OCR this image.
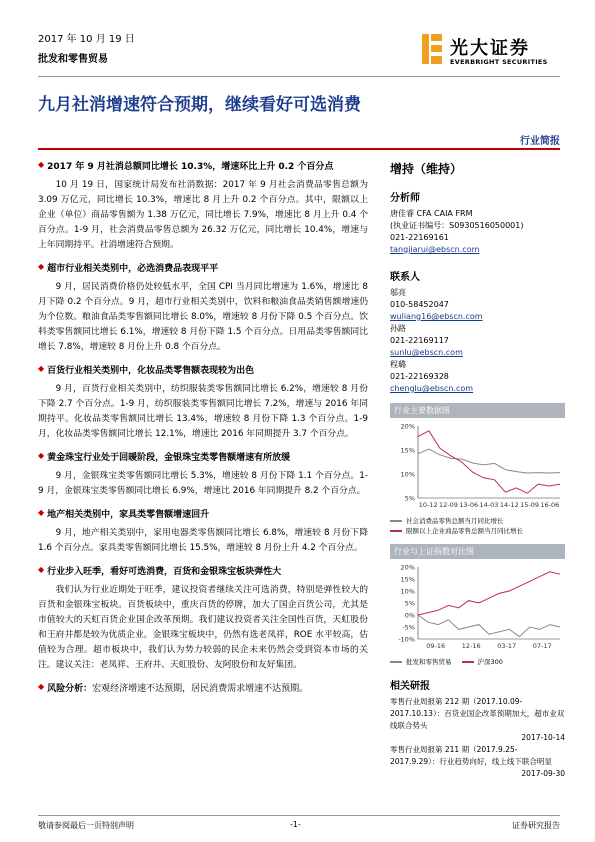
2017 年 10 月 19 日
批发和零售贸易
光大证券
EVERBRIGHT SECURITIES
九月社消增速符合预期，继续看好可选消费
行业简报
◆ 2017 年 9 月社消总额同比增长 10.3%，增速环比上升 0.2 个百分点

10 月 19 日，国家统计局发布社消数据：2017 年 9 月社会消费品零售总额为 3.09 万亿元，同比增长 10.3%，增速比 8 月上升 0.2 个百分点。其中，限额以上企业（单位）商品零售额为 1.38 万亿元，同比增长 7.9%，增速比 8 月上升 0.4 个百分点。1-9 月，社会消费品零售总额为 26.32 万亿元，同比增长 10.4%，增速与上年同期持平。社消增速符合预期。

◆ 超市行业相关类别中，必选消费品表现平平

9 月，居民消费价格仍处较低水平，全国 CPI 当月同比增速为 1.6%，增速比 8 月下降 0.2 个百分点。9 月，超市行业相关类别中，饮料和粮油食品类销售额增速仍为个位数。粮油食品类零售额同比增长 8.0%，增速较 8 月份下降 0.5 个百分点。饮料类零售额同比增长 6.1%，增速较 8 月份下降 1.5 个百分点。日用品类零售额同比增长 7.8%，增速较 8 月份上升 0.8 个百分点。

◆ 百货行业相关类别中，化妆品类零售额表现较为出色

9 月，百货行业相关类别中，纺织服装类零售额同比增长 6.2%，增速较 8 月份下降 2.7 个百分点。1-9 月，纺织服装类零售额同比增长 7.2%，增速与 2016 年同期持平。化妆品类零售额同比增长 13.4%，增速较 8 月份下降 1.3 个百分点。1-9 月，化妆品类零售额同比增长 12.1%，增速比 2016 年同期提升 3.7 个百分点。

◆ 黄金珠宝行业处于回暖阶段，金银珠宝类零售额增速有所放缓

9 月，金银珠宝类零售额同比增长 5.3%，增速较 8 月份下降 1.1 个百分点。1-9 月，金银珠宝类零售额同比增长 6.9%，增速比 2016 年同期提升 8.2 个百分点。

◆ 地产相关类别中，家具类零售额增速回升

9 月，地产相关类别中，家用电器类零售额同比增长 6.8%，增速较 8 月份下降 1.6 个百分点。家具类零售额同比增长 15.5%，增速较 8 月份上升 4.2 个百分点。

◆ 行业步入旺季，看好可选消费，百货和金银珠宝板块弹性大

我们认为行业近期处于旺季，建议投资者继续关注可选消费，特别是弹性较大的百货和金银珠宝板块。百货板块中，重庆百货的停牌，加大了国企百货公司，尤其是市值较大的天虹百货企业国企改革预期。我们建议投资者关注全国性百货，天虹股份和王府井都是较为优质企业。金银珠宝板块中，仍然有选老凤祥，ROE 水平较高，估值较为合理。超市板块中，我们认为势力较弱的民企未来仍然会受到资本市场的关注。建议关注：老凤祥、王府井、天虹股份、友阿股份和友好集团。

◆ 风险分析： 宏观经济增速不达预期，居民消费需求增速不达预期。
增持（维持）
分析师
唐佳睿 CFA CAIA FRM
(执业证书编号：S0930516050001)
021-22169161
tangjiarui@ebscn.com
联系人
邬亮
010-58452047
wuliang16@ebscn.com
孙路
021-22169117
sunlu@ebscn.com
程璐
021-22169328
chenglu@ebscn.com
行业主要数据图
20%
15%
10%
5%
10-12 12-09 13-06 14-03 14-12 15-09 16-06
社会消费品零售总额当月同比增长
限额以上企业商品零售总额当月同比增长
行业与上证指数对比图
20%
15%
10%
5%
0%
-5%
-10%
09-16	12-16	03-17	07-17
批发和零售贸易	沪深300
相关研报
零售行业周报第 212 期（2017.10.09-2017.10.13）：百货业国企改革预期加大，超市业双线联合势头
2017-10-14
零售行业周报第 211 期（2017.9.25-2017.9.29）：行业趋势向好，线上线下联合明显
2017-09-30
敬请参阅最后一页特别声明	-1-	证券研究报告
